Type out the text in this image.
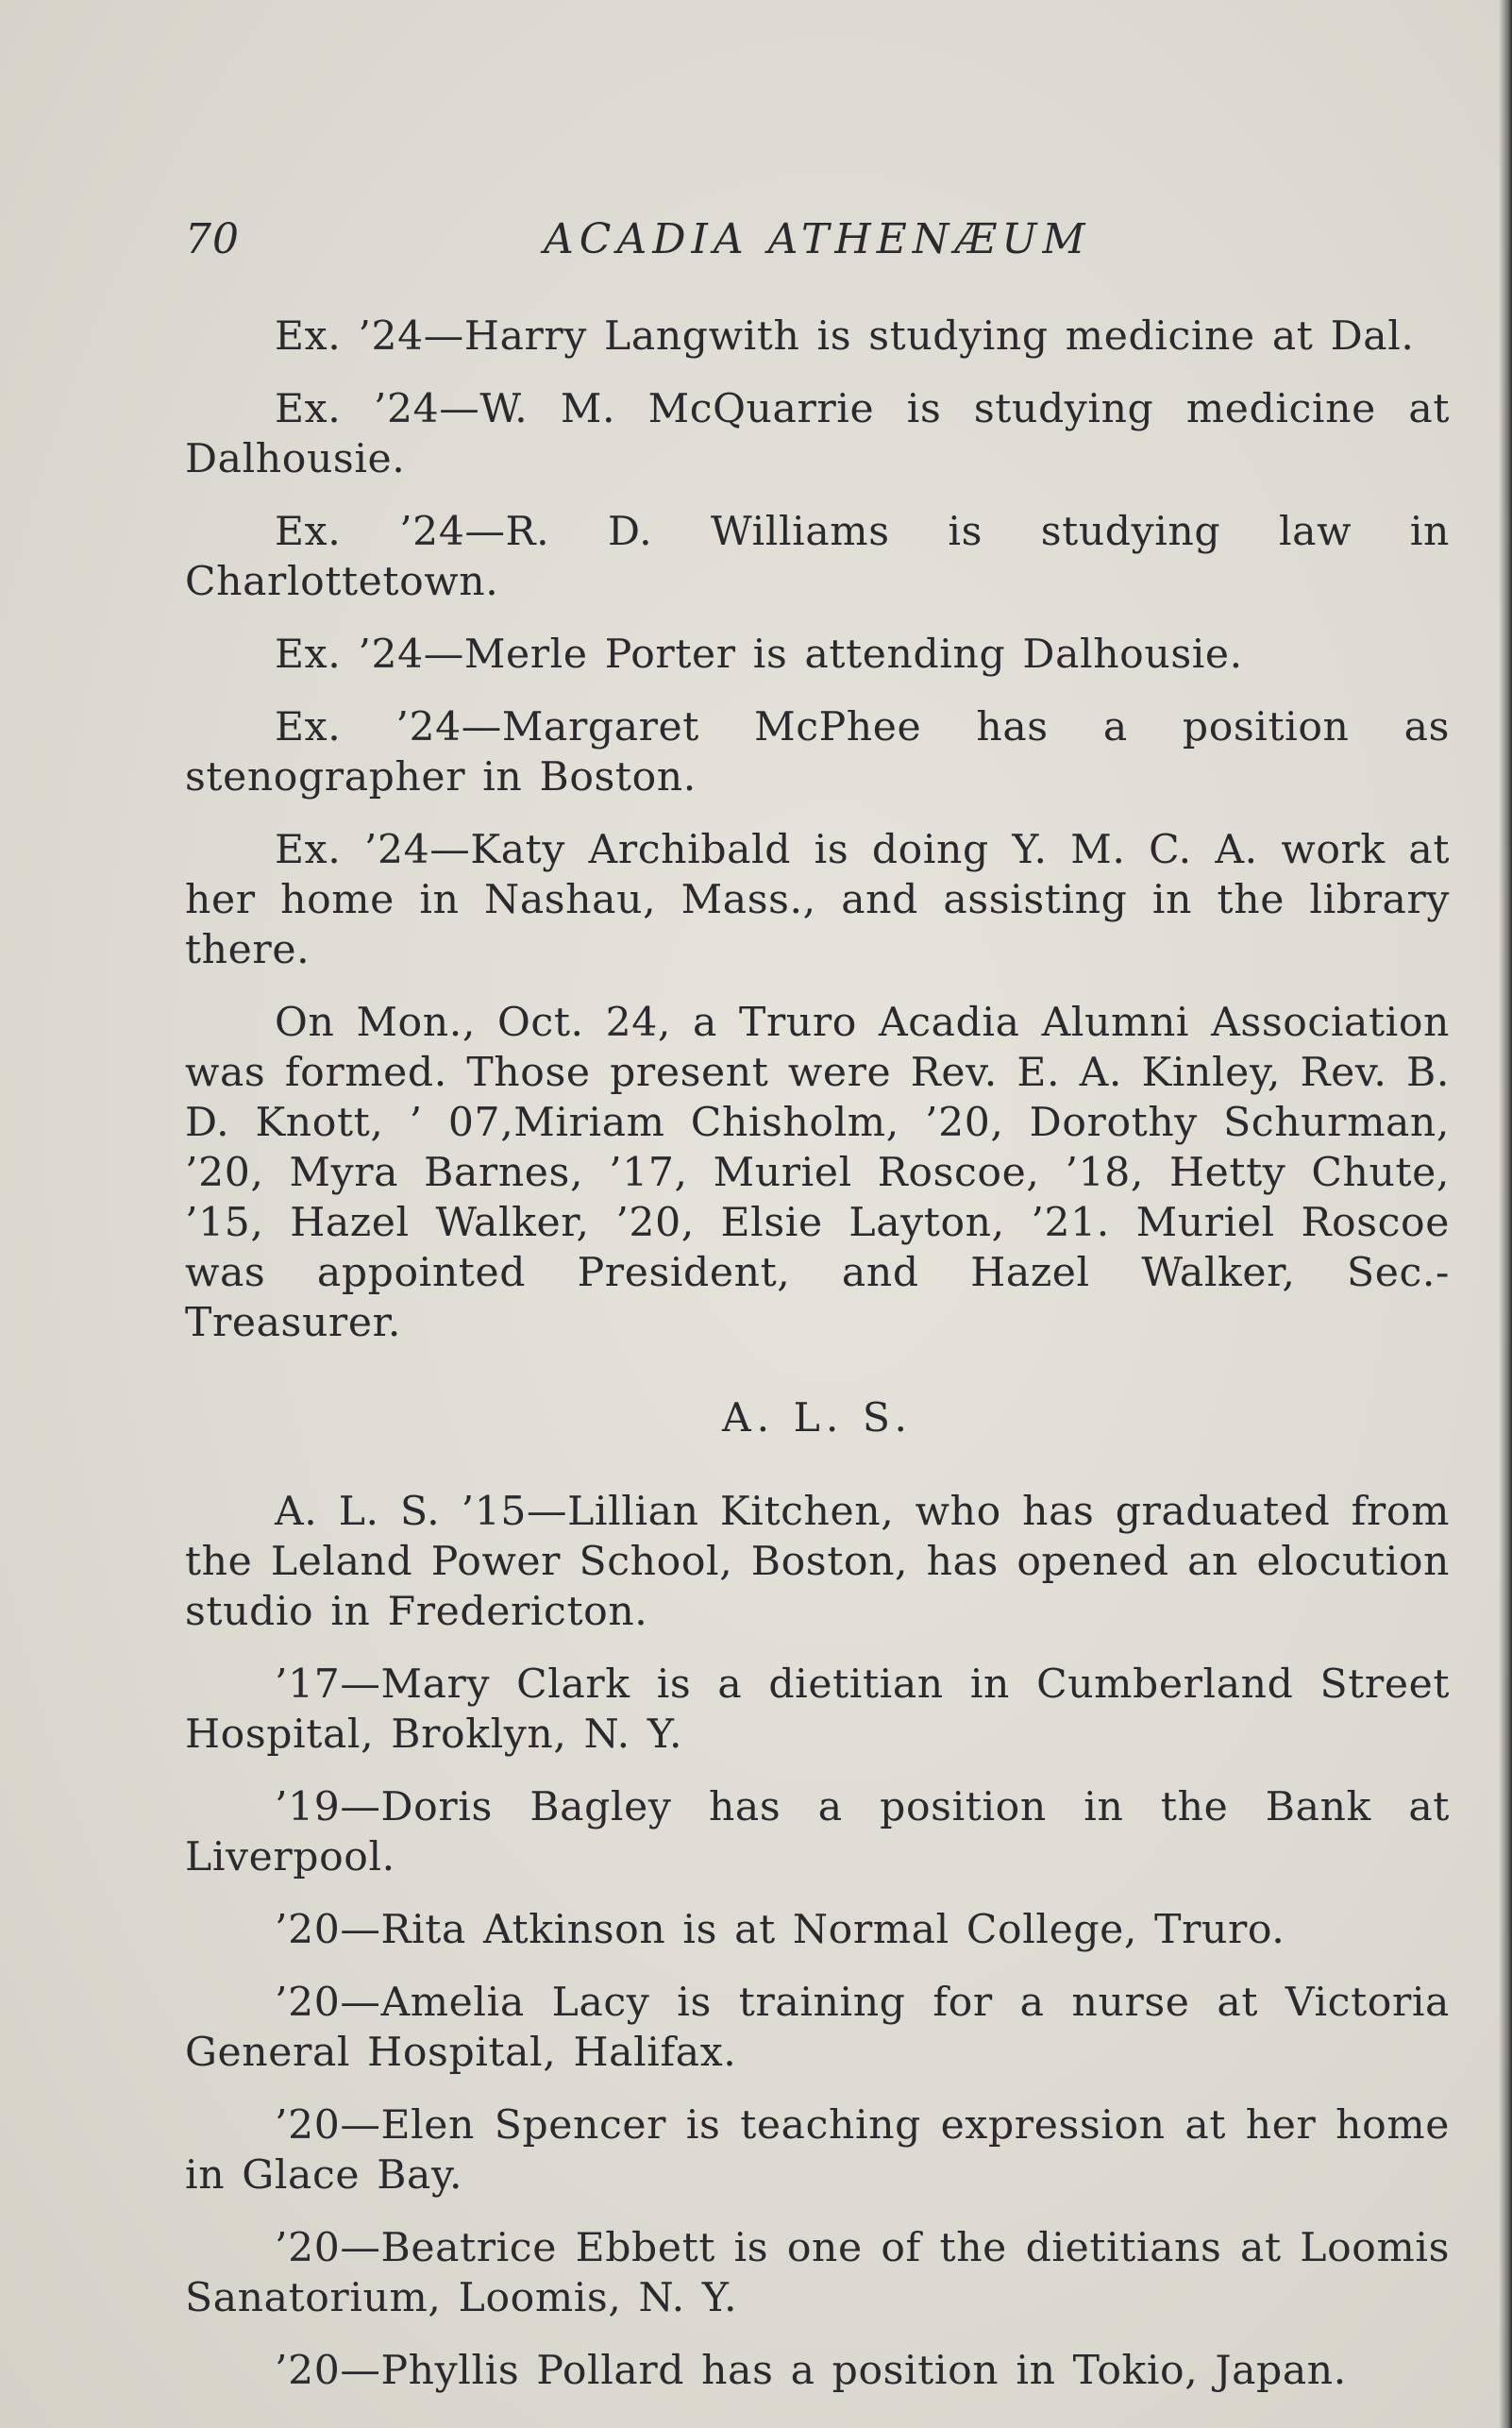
70	ACADIA ATHENÆUM

Ex. ’24—Harry Langwith is studying medicine at Dal.

Ex. ’24—W. M. McQuarrie is studying medicine at Dalhousie.

Ex. ’24—R. D. Williams is studying law in Charlottetown.

Ex. ’24—Merle Porter is attending Dalhousie.

Ex. ’24—Margaret McPhee has a position as stenographer in Boston.

Ex. ’24—Katy Archibald is doing Y. M. C. A. work at her home in Nashau, Mass., and assisting in the library there.

On Mon., Oct. 24, a Truro Acadia Alumni Association was formed. Those present were Rev. E. A. Kinley, Rev. B. D. Knott, ’ 07,Miriam Chisholm, ’20, Dorothy Schurman, ’20, Myra Barnes, ’17, Muriel Roscoe, ’18, Hetty Chute, ’15, Hazel Walker, ’20, Elsie Layton, ’21. Muriel Roscoe was appointed President, and Hazel Walker, Sec.-Treasurer.

A. L. S.

A. L. S. ’15—Lillian Kitchen, who has graduated from the Leland Power School, Boston, has opened an elocution studio in Fredericton.

’17—Mary Clark is a dietitian in Cumberland Street Hospital, Broklyn, N. Y.

’19—Doris Bagley has a position in the Bank at Liverpool.

’20—Rita Atkinson is at Normal College, Truro.

’20—Amelia Lacy is training for a nurse at Victoria General Hospital, Halifax.

’20—Elen Spencer is teaching expression at her home in Glace Bay.

’20—Beatrice Ebbett is one of the dietitians at Loomis Sanatorium, Loomis, N. Y.

’20—Phyllis Pollard has a position in Tokio, Japan.
